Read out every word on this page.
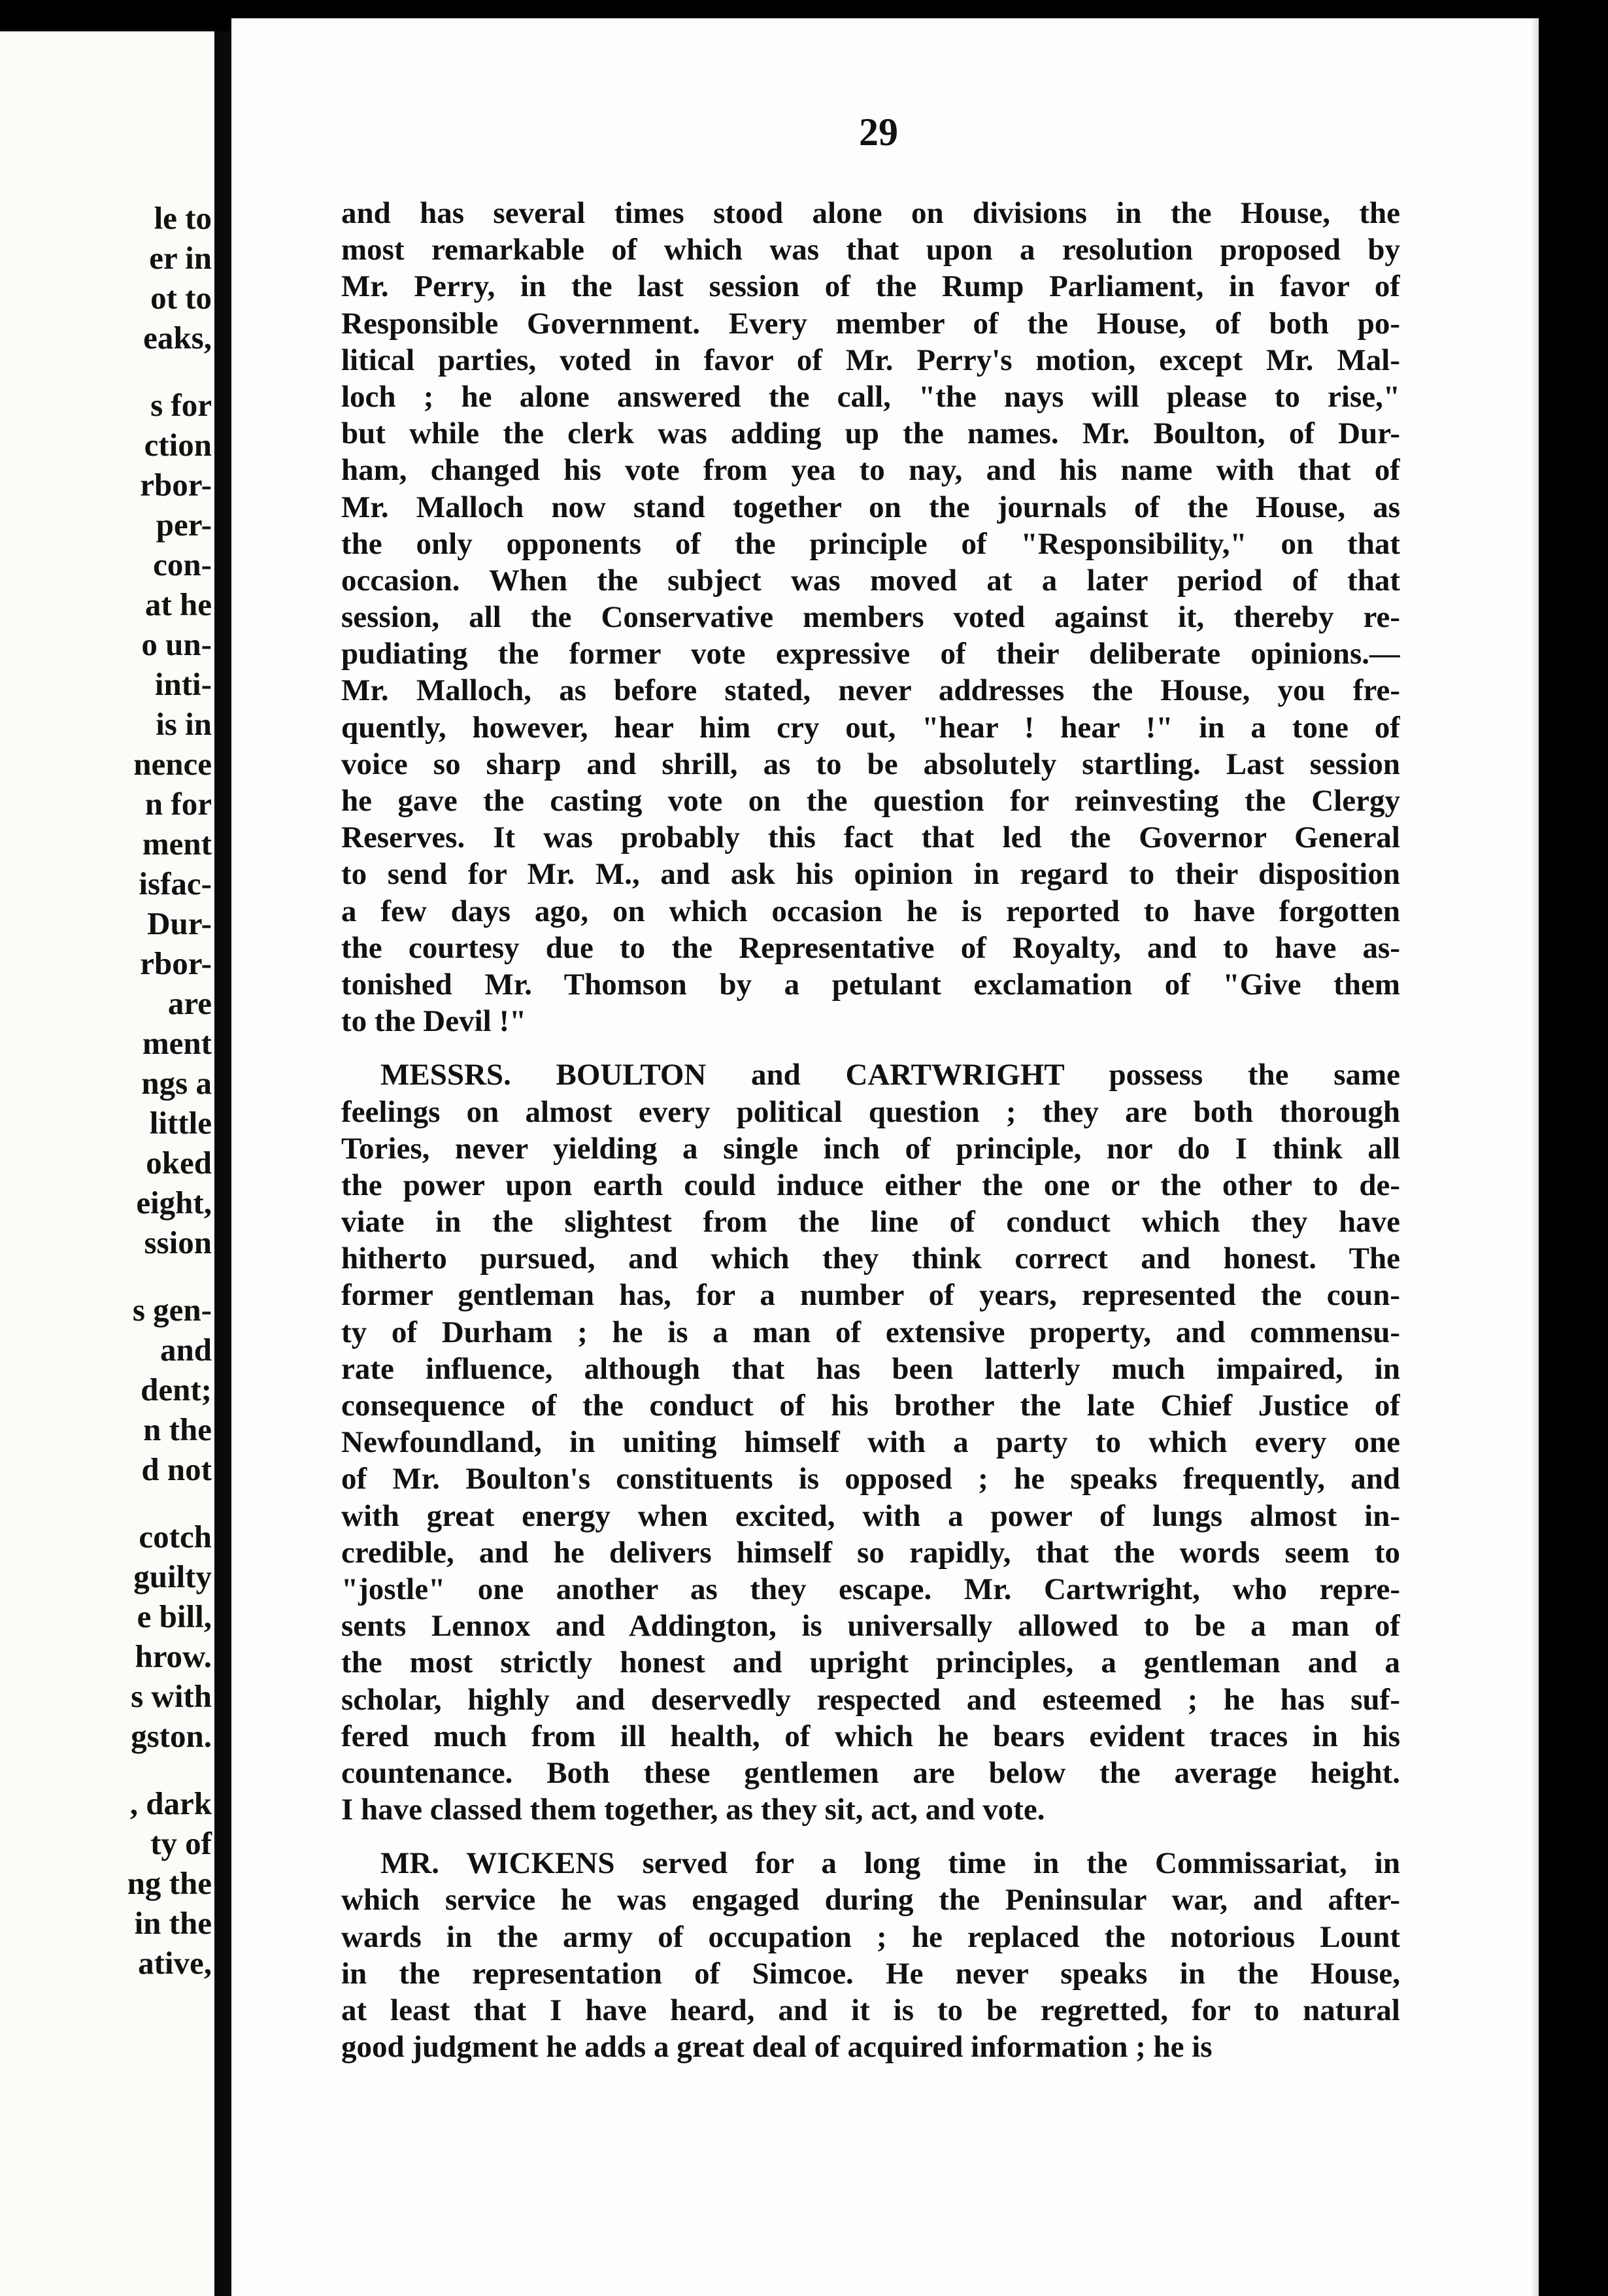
le to
er in
ot to
eaks,
s for
ction
rbor-
per-
con-
at he
o un-
inti-
is in
nence
n for
ment
isfac-
Dur-
rbor-
are
ment
ngs a
little
oked
eight,
ssion
s gen-
and
dent;
n the
d not
cotch
guilty
e bill,
hrow.
s with
gston.
, dark
ty of
ng the
in the
ative,
29
and has several times stood alone on divisions in the House, the
most remarkable of which was that upon a resolution proposed by
Mr. Perry, in the last session of the Rump Parliament, in favor of
Responsible Government. Every member of the House, of both po-
litical parties, voted in favor of Mr. Perry's motion, except Mr. Mal-
loch ; he alone answered the call, "the nays will please to rise,"
but while the clerk was adding up the names. Mr. Boulton, of Dur-
ham, changed his vote from yea to nay, and his name with that of
Mr. Malloch now stand together on the journals of the House, as
the only opponents of the principle of "Responsibility," on that
occasion. When the subject was moved at a later period of that
session, all the Conservative members voted against it, thereby re-
pudiating the former vote expressive of their deliberate opinions.—
Mr. Malloch, as before stated, never addresses the House, you fre-
quently, however, hear him cry out, "hear ! hear !" in a tone of
voice so sharp and shrill, as to be absolutely startling. Last session
he gave the casting vote on the question for reinvesting the Clergy
Reserves. It was probably this fact that led the Governor General
to send for Mr. M., and ask his opinion in regard to their disposition
a few days ago, on which occasion he is reported to have forgotten
the courtesy due to the Representative of Royalty, and to have as-
tonished Mr. Thomson by a petulant exclamation of "Give them
to the Devil !"
MESSRS. BOULTON and CARTWRIGHT possess the same
feelings on almost every political question ; they are both thorough
Tories, never yielding a single inch of principle, nor do I think all
the power upon earth could induce either the one or the other to de-
viate in the slightest from the line of conduct which they have
hitherto pursued, and which they think correct and honest. The
former gentleman has, for a number of years, represented the coun-
ty of Durham ; he is a man of extensive property, and commensu-
rate influence, although that has been latterly much impaired, in
consequence of the conduct of his brother the late Chief Justice of
Newfoundland, in uniting himself with a party to which every one
of Mr. Boulton's constituents is opposed ; he speaks frequently, and
with great energy when excited, with a power of lungs almost in-
credible, and he delivers himself so rapidly, that the words seem to
"jostle" one another as they escape. Mr. Cartwright, who repre-
sents Lennox and Addington, is universally allowed to be a man of
the most strictly honest and upright principles, a gentleman and a
scholar, highly and deservedly respected and esteemed ; he has suf-
fered much from ill health, of which he bears evident traces in his
countenance. Both these gentlemen are below the average height.
I have classed them together, as they sit, act, and vote.
MR. WICKENS served for a long time in the Commissariat, in
which service he was engaged during the Peninsular war, and after-
wards in the army of occupation ; he replaced the notorious Lount
in the representation of Simcoe. He never speaks in the House,
at least that I have heard, and it is to be regretted, for to natural
good judgment he adds a great deal of acquired information ; he is
